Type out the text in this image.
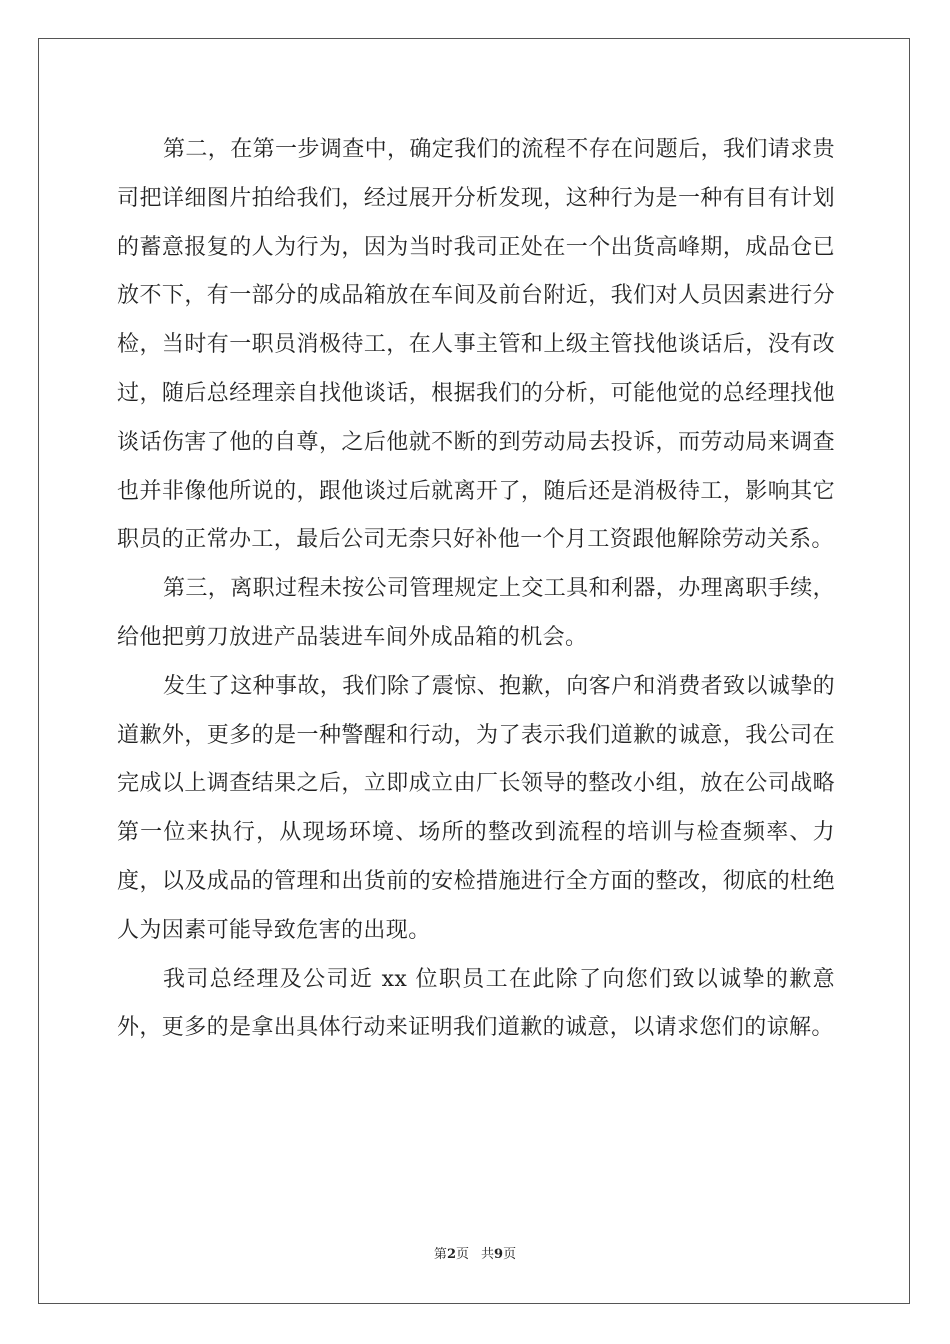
第二，在第一步调查中，确定我们的流程不存在问题后，我们请求贵司把详细图片拍给我们，经过展开分析发现，这种行为是一种有目有计划的蓄意报复的人为行为，因为当时我司正处在一个出货高峰期，成品仓已放不下，有一部分的成品箱放在车间及前台附近，我们对人员因素进行分检，当时有一职员消极待工，在人事主管和上级主管找他谈话后，没有改过，随后总经理亲自找他谈话，根据我们的分析，可能他觉的总经理找他谈话伤害了他的自尊，之后他就不断的到劳动局去投诉，而劳动局来调查也并非像他所说的，跟他谈过后就离开了，随后还是消极待工，影响其它职员的正常办工，最后公司无柰只好补他一个月工资跟他解除劳动关系。

第三，离职过程未按公司管理规定上交工具和利器，办理离职手续，给他把剪刀放进产品装进车间外成品箱的机会。

发生了这种事故，我们除了震惊、抱歉，向客户和消费者致以诚挚的道歉外，更多的是一种警醒和行动，为了表示我们道歉的诚意，我公司在完成以上调查结果之后，立即成立由厂长领导的整改小组，放在公司战略第一位来执行，从现场环境、场所的整改到流程的培训与检查频率、力度，以及成品的管理和出货前的安检措施进行全方面的整改，彻底的杜绝人为因素可能导致危害的出现。

我司总经理及公司近 xx 位职员工在此除了向您们致以诚挚的歉意外，更多的是拿出具体行动来证明我们道歉的诚意，以请求您们的谅解。

第2页 共9页
